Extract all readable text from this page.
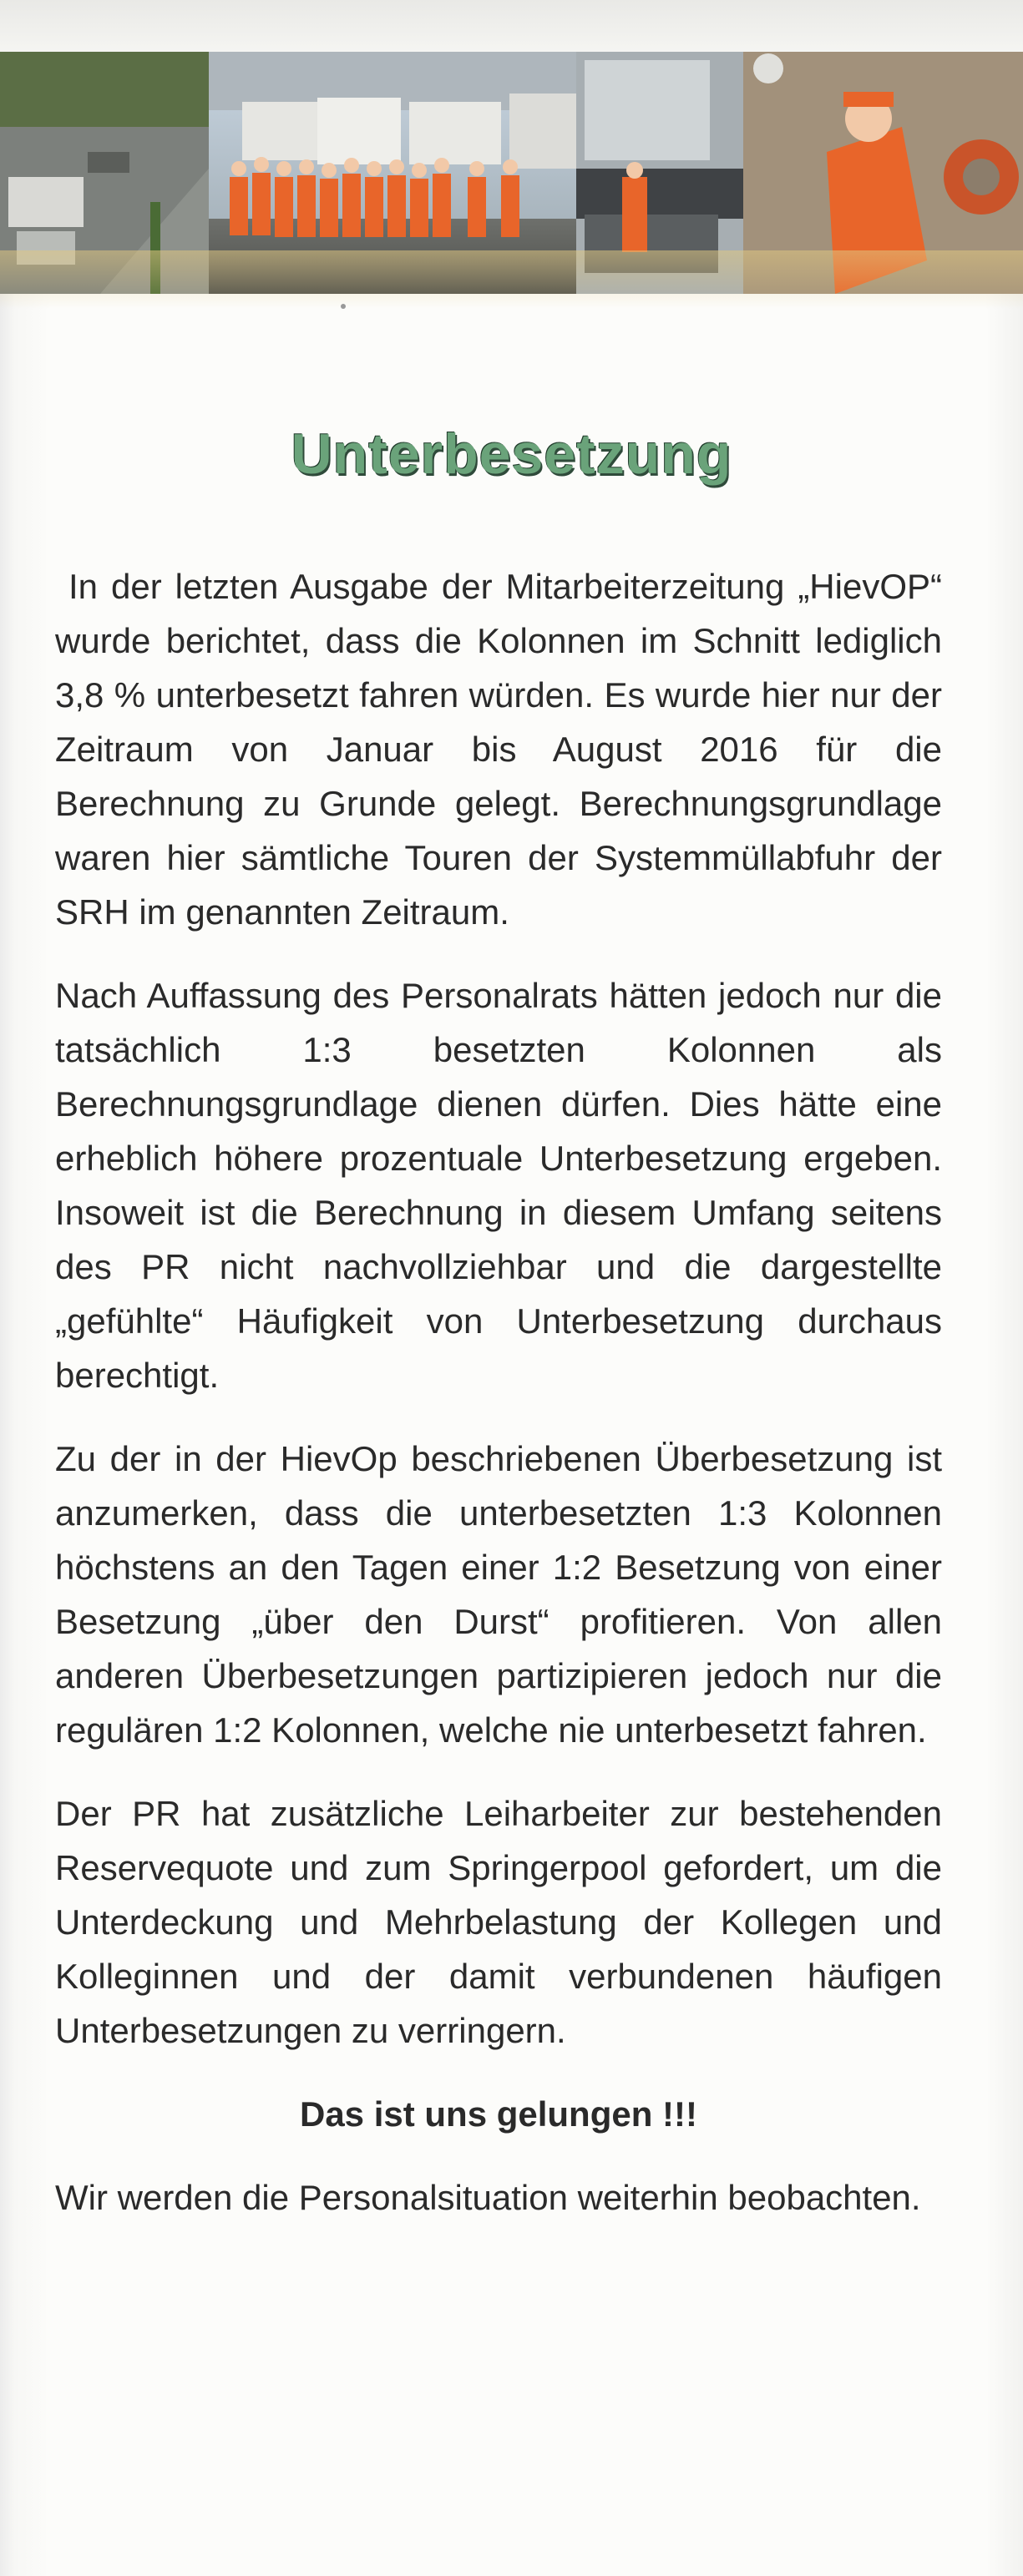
Unterbesetzung

In der letzten Ausgabe der Mitarbeiterzeitung „HievOP“ wurde berichtet, dass die Kolonnen im Schnitt lediglich 3,8 % unterbesetzt fahren würden. Es wurde hier nur der Zeitraum von Januar bis August 2016 für die Berechnung zu Grunde gelegt. Berechnungsgrundlage waren hier sämtliche Touren der Systemmüllabfuhr der SRH im genannten Zeitraum.

Nach Auffassung des Personalrats hätten jedoch nur die tatsächlich 1:3 besetzten Kolonnen als Berechnungsgrundlage dienen dürfen. Dies hätte eine erheblich höhere prozentuale Unterbesetzung ergeben. Insoweit ist die Berechnung in diesem Umfang seitens des PR nicht nachvollziehbar und die dargestellte „gefühlte“ Häufigkeit von Unterbesetzung durchaus berechtigt.

Zu der in der HievOp beschriebenen Überbesetzung ist anzumerken, dass die unterbesetzten 1:3 Kolonnen höchstens an den Tagen einer 1:2 Besetzung von einer Besetzung „über den Durst“ profitieren. Von allen anderen Überbesetzungen partizipieren jedoch nur die regulären 1:2 Kolonnen, welche nie unterbesetzt fahren.

Der PR hat zusätzliche Leiharbeiter zur bestehenden Reservequote und zum Springerpool gefordert, um die Unterdeckung und Mehrbelastung der Kollegen und Kolleginnen und der damit verbundenen häufigen Unterbesetzungen zu verringern.

Das ist uns gelungen !!!

Wir werden die Personalsituation weiterhin beobachten.
